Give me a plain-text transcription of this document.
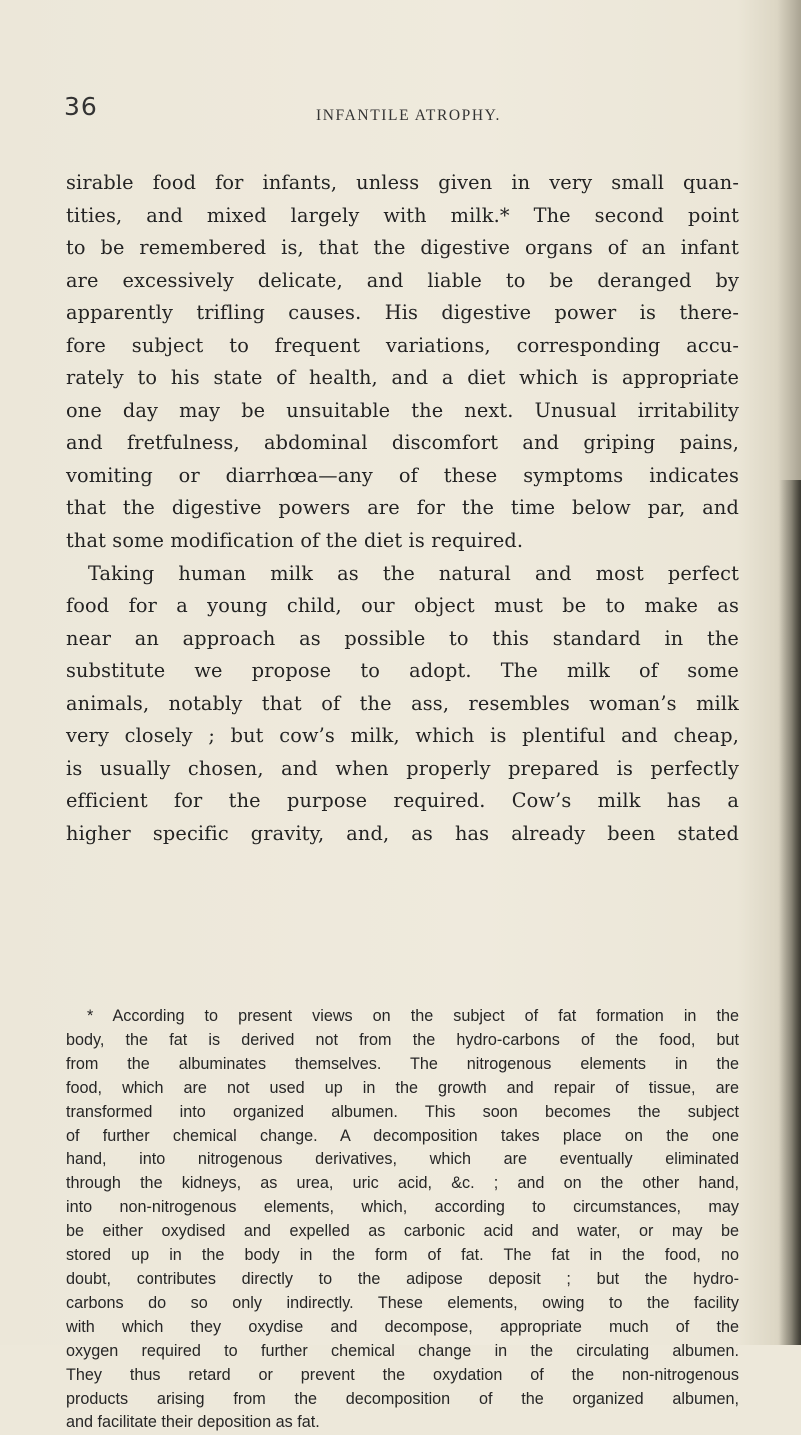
36	INFANTILE ATROPHY.
sirable food for infants, unless given in very small quan-
tities, and mixed largely with milk.* The second point
to be remembered is, that the digestive organs of an infant
are excessively delicate, and liable to be deranged by
apparently trifling causes. His digestive power is there-
fore subject to frequent variations, corresponding accu-
rately to his state of health, and a diet which is appropriate
one day may be unsuitable the next. Unusual irritability
and fretfulness, abdominal discomfort and griping pains,
vomiting or diarrhœa—any of these symptoms indicates
that the digestive powers are for the time below par, and
that some modification of the diet is required.
Taking human milk as the natural and most perfect
food for a young child, our object must be to make as
near an approach as possible to this standard in the
substitute we propose to adopt. The milk of some
animals, notably that of the ass, resembles woman’s milk
very closely ; but cow’s milk, which is plentiful and cheap,
is usually chosen, and when properly prepared is perfectly
efficient for the purpose required. Cow’s milk has a
higher specific gravity, and, as has already been stated
* According to present views on the subject of fat formation in the
body, the fat is derived not from the hydro-carbons of the food, but
from the albuminates themselves. The nitrogenous elements in the
food, which are not used up in the growth and repair of tissue, are
transformed into organized albumen. This soon becomes the subject
of further chemical change. A decomposition takes place on the one
hand, into nitrogenous derivatives, which are eventually eliminated
through the kidneys, as urea, uric acid, &c. ; and on the other hand,
into non-nitrogenous elements, which, according to circumstances, may
be either oxydised and expelled as carbonic acid and water, or may be
stored up in the body in the form of fat. The fat in the food, no
doubt, contributes directly to the adipose deposit ; but the hydro-
carbons do so only indirectly. These elements, owing to the facility
with which they oxydise and decompose, appropriate much of the
oxygen required to further chemical change in the circulating albumen.
They thus retard or prevent the oxydation of the non-nitrogenous
products arising from the decomposition of the organized albumen,
and facilitate their deposition as fat.
